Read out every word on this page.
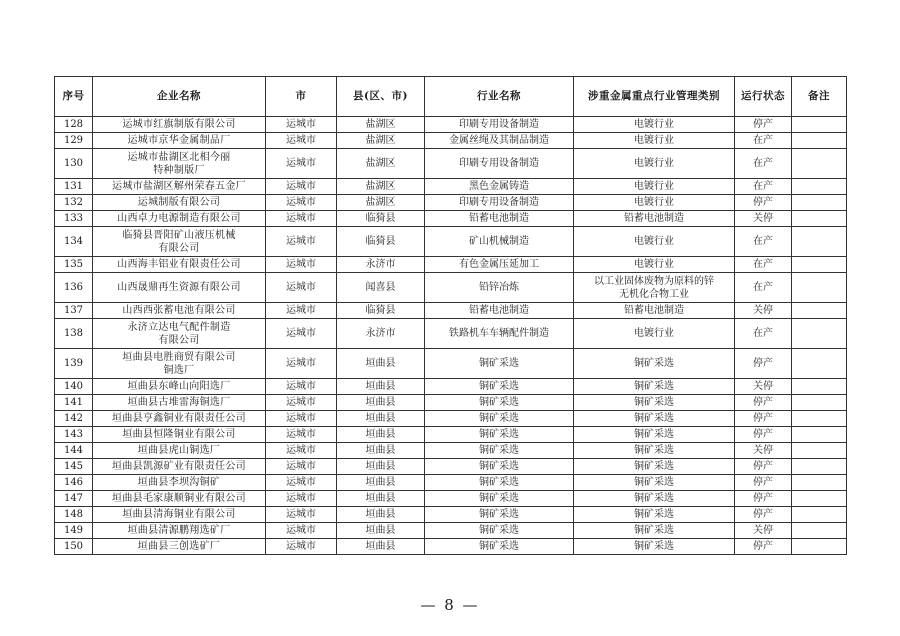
序号	企业名称	市	县(区、市)	行业名称	涉重金属重点行业管理类别	运行状态	备注
128	运城市红旗制版有限公司	运城市	盐湖区	印刷专用设备制造	电镀行业	停产	
129	运城市京华金属制品厂	运城市	盐湖区	金属丝绳及其制品制造	电镀行业	在产	
130	运城市盐湖区北相今丽
特种制版厂	运城市	盐湖区	印刷专用设备制造	电镀行业	在产	
131	运城市盐湖区解州荣春五金厂	运城市	盐湖区	黑色金属铸造	电镀行业	在产	
132	运城制版有限公司	运城市	盐湖区	印刷专用设备制造	电镀行业	停产	
133	山西卓力电源制造有限公司	运城市	临猗县	铅蓄电池制造	铅蓄电池制造	关停	
134	临猗县晋阳矿山液压机械
有限公司	运城市	临猗县	矿山机械制造	电镀行业	在产	
135	山西海丰铝业有限责任公司	运城市	永济市	有色金属压延加工	电镀行业	在产	
136	山西晟鼎再生资源有限公司	运城市	闻喜县	铅锌冶炼	以工业固体废物为原料的锌
无机化合物工业	在产	
137	山西西张蓄电池有限公司	运城市	临猗县	铅蓄电池制造	铅蓄电池制造	关停	
138	永济立达电气配件制造
有限公司	运城市	永济市	铁路机车车辆配件制造	电镀行业	在产	
139	垣曲县电胜商贸有限公司
铜选厂	运城市	垣曲县	铜矿采选	铜矿采选	停产	
140	垣曲县东峰山向阳选厂	运城市	垣曲县	铜矿采选	铜矿采选	关停	
141	垣曲县古堆雷海铜选厂	运城市	垣曲县	铜矿采选	铜矿采选	停产	
142	垣曲县亨鑫铜业有限责任公司	运城市	垣曲县	铜矿采选	铜矿采选	停产	
143	垣曲县恒隆铜业有限公司	运城市	垣曲县	铜矿采选	铜矿采选	停产	
144	垣曲县虎山铜选厂	运城市	垣曲县	铜矿采选	铜矿采选	关停	
145	垣曲县凯源矿业有限责任公司	运城市	垣曲县	铜矿采选	铜矿采选	停产	
146	垣曲县李坝沟铜矿	运城市	垣曲县	铜矿采选	铜矿采选	停产	
147	垣曲县毛家康顺铜业有限公司	运城市	垣曲县	铜矿采选	铜矿采选	停产	
148	垣曲县清海铜业有限公司	运城市	垣曲县	铜矿采选	铜矿采选	停产	
149	垣曲县清源鹏翔选矿厂	运城市	垣曲县	铜矿采选	铜矿采选	关停	
150	垣曲县三创选矿厂	运城市	垣曲县	铜矿采选	铜矿采选	停产	
— 8 —
